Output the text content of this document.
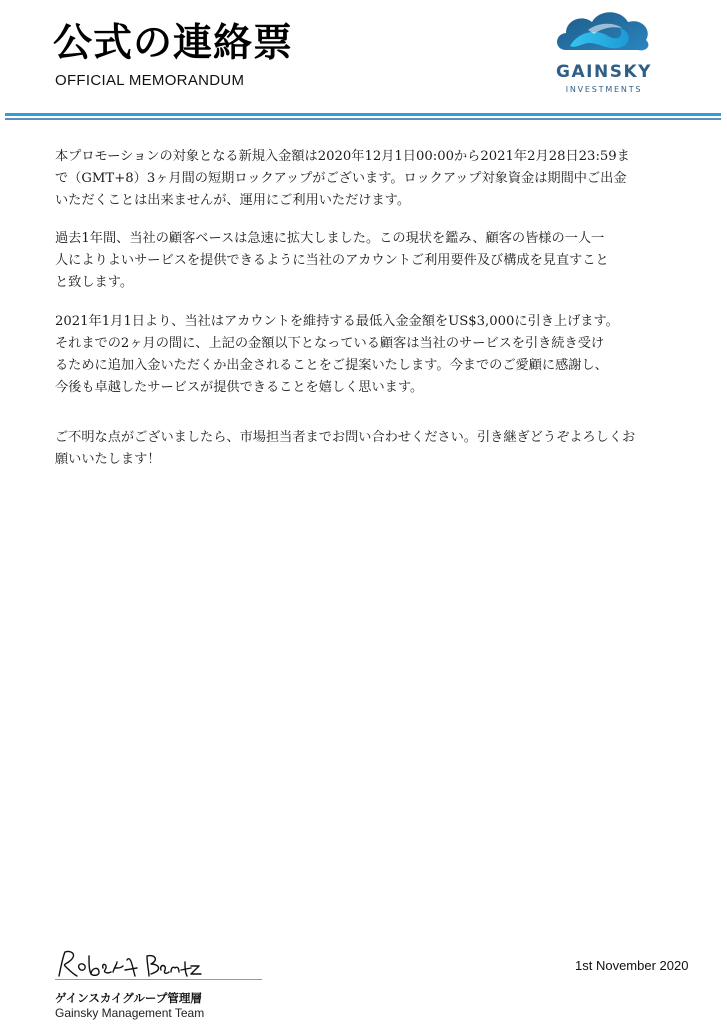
公式の連絡票
OFFICIAL MEMORANDUM	GAINSKY
INVESTMENTS
本プロモーションの対象となる新規入金額は2020年12月1日00:00から2021年2月28日23:59ま
で（GMT+8）3ヶ月間の短期ロックアップがございます。ロックアップ対象資金は期間中ご出金
いただくことは出来ませんが、運用にご利用いただけます。
過去1年間、当社の顧客ベースは急速に拡大しました。この現状を鑑み、顧客の皆様の一人一
人によりよいサービスを提供できるように当社のアカウントご利用要件及び構成を見直すこと
と致します。
2021年1月1日より、当社はアカウントを維持する最低入金金額をUS$3,000に引き上げます。
それまでの2ヶ月の間に、上記の金額以下となっている顧客は当社のサービスを引き続き受け
るために追加入金いただくか出金されることをご提案いたします。今までのご愛顧に感謝し、
今後も卓越したサービスが提供できることを嬉しく思います。
ご不明な点がございましたら、市場担当者までお問い合わせください。引き継ぎどうぞよろしくお
願いいたします！
ゲインスカイグループ管理層
Gainsky Management Team
1st November 2020
